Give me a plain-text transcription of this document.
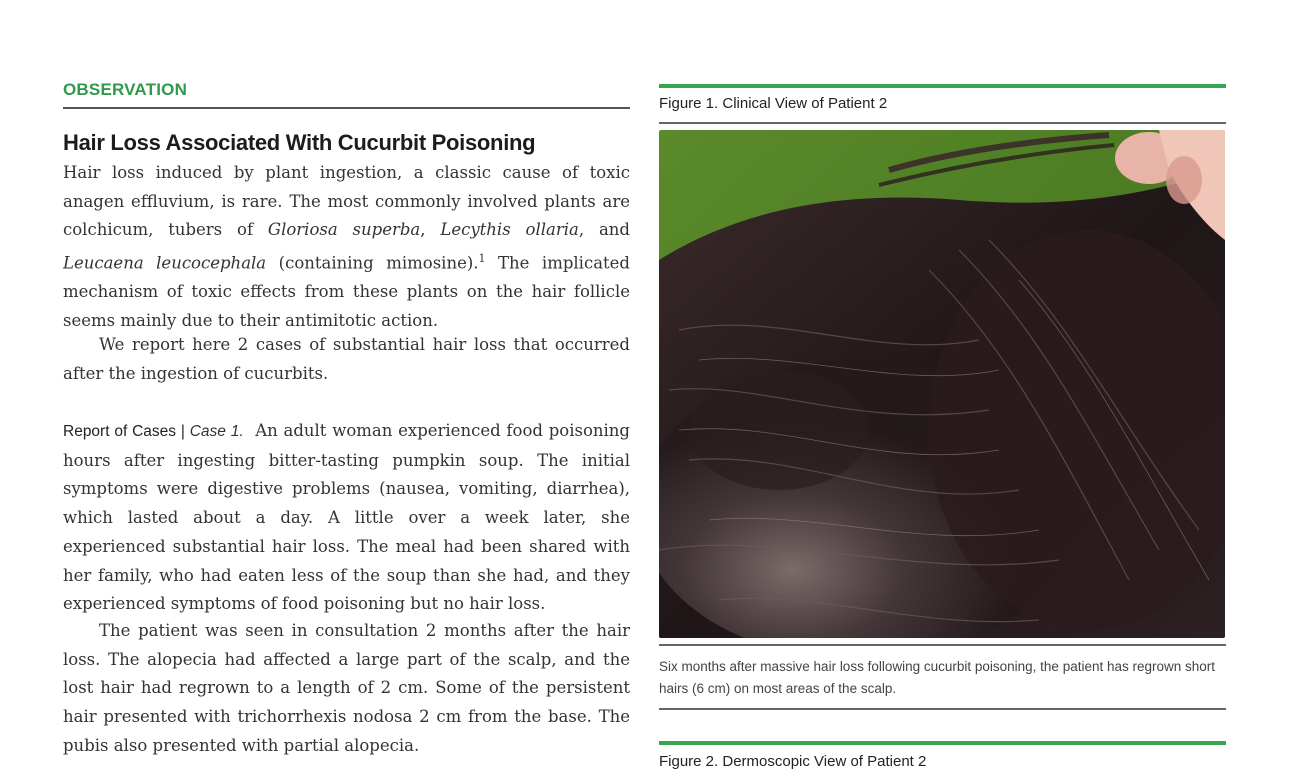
OBSERVATION
Hair Loss Associated With Cucurbit Poisoning
Hair loss induced by plant ingestion, a classic cause of toxic anagen effluvium, is rare. The most commonly involved plants are colchicum, tubers of Gloriosa superba, Lecythis ollaria, and Leucaena leucocephala (containing mimosine).$^1$ The implicated mechanism of toxic effects from these plants on the hair follicle seems mainly due to their antimitotic action.
We report here 2 cases of substantial hair loss that occurred after the ingestion of cucurbits.
Report of Cases | Case 1. An adult woman experienced food poisoning hours after ingesting bitter-tasting pumpkin soup. The initial symptoms were digestive problems (nausea, vomiting, diarrhea), which lasted about a day. A little over a week later, she experienced substantial hair loss. The meal had been shared with her family, who had eaten less of the soup than she had, and they experienced symptoms of food poisoning but no hair loss.
The patient was seen in consultation 2 months after the hair loss. The alopecia had affected a large part of the scalp, and the lost hair had regrown to a length of 2 cm. Some of the persistent hair presented with trichorrhexis nodosa 2 cm from the base. The pubis also presented with partial alopecia.
Figure 1. Clinical View of Patient 2
Six months after massive hair loss following cucurbit poisoning, the patient has regrown short hairs (6 cm) on most areas of the scalp.
Figure 2. Dermoscopic View of Patient 2
